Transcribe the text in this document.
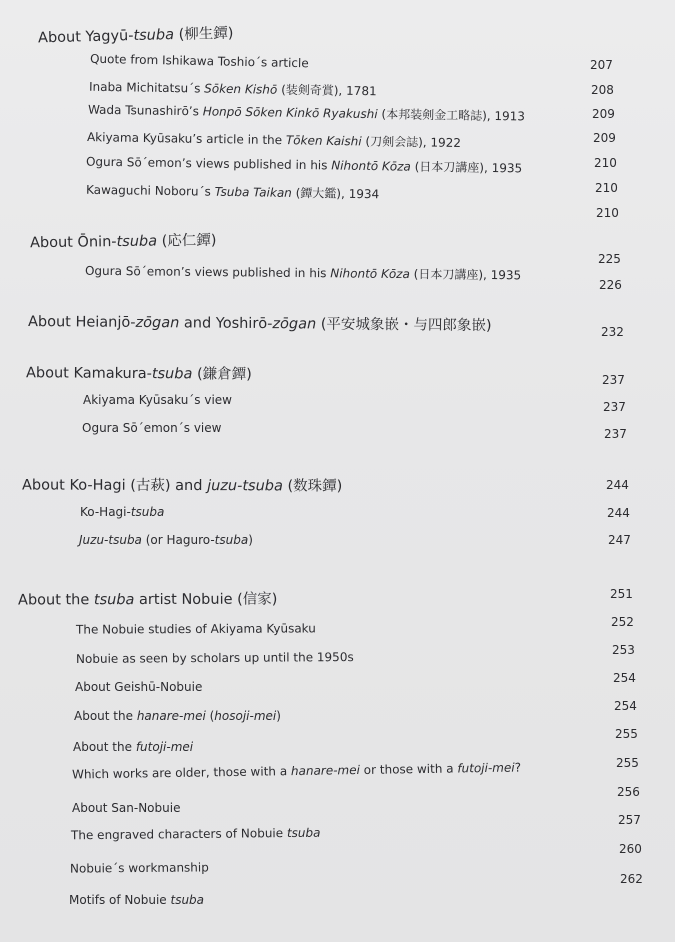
About Yagyū-tsuba (柳生鐔)
Quote from Ishikawa Toshio´s article
Inaba Michitatsu´s Sōken Kishō (装剣奇賞), 1781
Wada Tsunashirō’s Honpō Sōken Kinkō Ryakushi (本邦装剣金工略誌), 1913
Akiyama Kyūsaku’s article in the Tōken Kaishi (刀剣会誌), 1922
Ogura Sō´emon’s views published in his Nihontō Kōza (日本刀講座), 1935
Kawaguchi Noboru´s Tsuba Taikan (鐔大鑑), 1934
207
208
209
209
210
210
210
About Ōnin-tsuba (応仁鐔)
Ogura Sō´emon’s views published in his Nihontō Kōza (日本刀講座), 1935
225
226
About Heianjō-zōgan and Yoshirō-zōgan (平安城象嵌・与四郎象嵌)	232
About Kamakura-tsuba (鎌倉鐔)
Akiyama Kyūsaku´s view
Ogura Sō´emon´s view
237
237
237
About Ko-Hagi (古萩) and juzu-tsuba (数珠鐔)
Ko-Hagi-tsuba
Juzu-tsuba (or Haguro-tsuba)
244
244
247
About the tsuba artist Nobuie (信家)
The Nobuie studies of Akiyama Kyūsaku
Nobuie as seen by scholars up until the 1950s
About Geishū-Nobuie
About the hanare-mei (hosoji-mei)
About the futoji-mei
Which works are older, those with a hanare-mei or those with a futoji-mei?
About San-Nobuie
The engraved characters of Nobuie tsuba
Nobuie´s workmanship
Motifs of Nobuie tsuba
251
252
253
254
254
255
255
256
257
260
262
